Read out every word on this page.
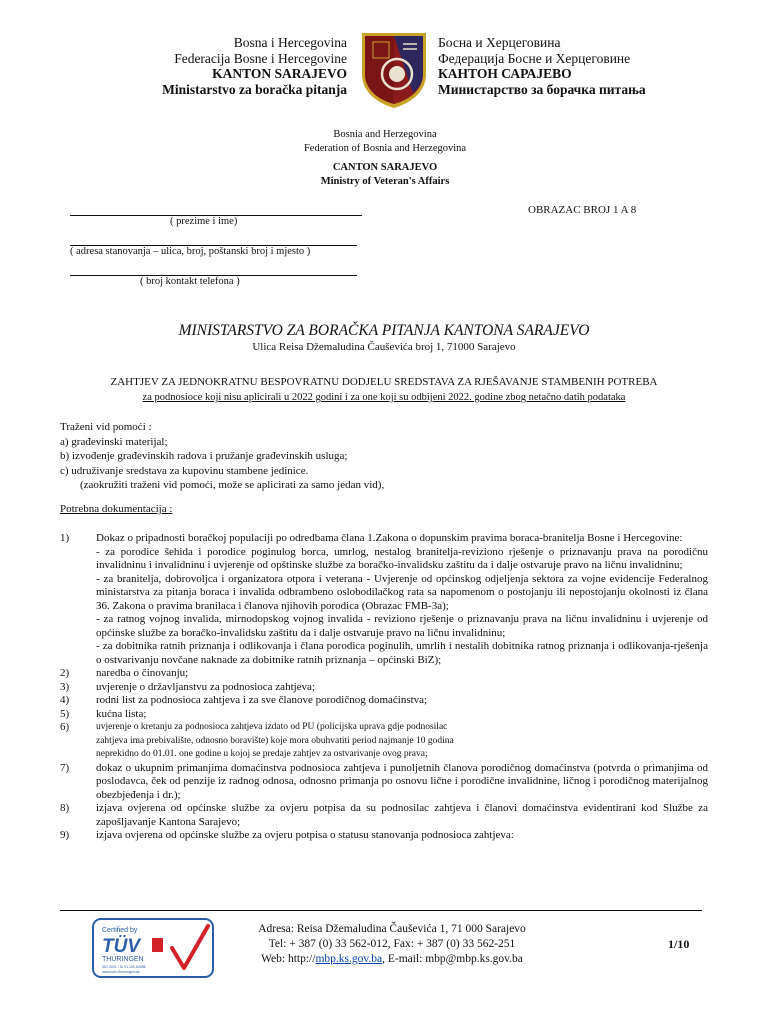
Bosna i Hercegovina
Federacija Bosne i Hercegovine
KANTON SARAJEVO
Ministarstvo za boračka pitanja
Босна и Херцеговина
Федерација Босне и Херцеговине
КАНТОН САРАЈЕВО
Министарство за борачка питања
Bosnia and Herzegovina
Federation of Bosnia and Herzegovina
CANTON SARAJEVO
Ministry of Veteran's Affairs
( prezime i ime)
OBRAZAC BROJ 1 A 8
( adresa stanovanja – ulica, broj, poštanski broj i mjesto )
( broj kontakt telefona )
MINISTARSTVO ZA BORAČKA PITANJA KANTONA SARAJEVO
Ulica Reisa Džemaludina Čauševića broj 1, 71000 Sarajevo
ZAHTJEV ZA JEDNOKRATNU BESPOVRATNU DODJELU SREDSTAVA ZA RJEŠAVANJE STAMBENIH POTREBA
za podnosioce koji nisu aplicirali u 2022 godini i za one koji su odbijeni 2022. godine zbog netačno datih podataka
Traženi vid pomoći :
a) građevinski materijal;
b) izvođenje građevinskih radova i pružanje građevinskih usluga;
c) udruživanje sredstava za kupovinu stambene jedinice.
(zaokružiti traženi vid pomoći, može se aplicirati za samo jedan vid),
Potrebna dokumentacija :
1)	Dokaz o pripadnosti boračkoj populaciji po odredbama člana 1.Zakona o dopunskim pravima boraca-branitelja Bosne i Hercegovine:
- za porodice šehida i porodice poginulog borca, umrlog, nestalog branitelja-revizionо rješenje o priznavanju prava na porodičnu invalidninu i invalidninu i uvjerenje od opštinske službe za boračko-invalidsku zaštitu da i dalje ostvaruje pravo na ličnu invalidninu;
- za branitelja, dobrovoljca i organizatora otpora i veterana - Uvjerenje od općinskog odjeljenja sektora za vojne evidencije Federalnog ministarstva za pitanja boraca i invalida odbrambeno oslobodilačkog rata sa napomenom o postojanju ili nepostojanju okolnosti iz člana 36. Zakona o pravima branilaca i članova njihovih porodica (Obrazac FMB-3a);
- za ratnog vojnog invalida, mirnodopskog vojnog invalida - revizionо rješenje o priznavanju prava na ličnu invalidninu i uvjerenje od općinske službe za boračko-invalidsku zaštitu da i dalje ostvaruje pravo na ličnu invalidninu;
- za dobitnika ratnih priznanja i odlikovanja i člana porodica poginulih, umrlih i nestalih dobitnika ratnog priznanja i odlikovanja-rješenja o ostvarivanju novčane naknade za dobitnike ratnih priznanja – općinski BiZ);
2)	naredba o činovanju;
3)	uvjerenje o državljanstvu za podnosioca zahtjeva;
4)	rodni list za podnosioca zahtjeva i za sve članove porodičnog domaćinstva;
5)	kućna lista;
6)	uvjerenje o kretanju za podnosioca zahtjeva izdato od PU (policijska uprava gdje podnosilac
zahtjeva ima prebivalište, odnosno boravište) koje mora obuhvatiti period najmanje 10 godina
neprekidno do 01.01. one godine u kojoj se predaje zahtjev za ostvarivanje ovog prava;
7)	dokaz o ukupnim primanjima domaćinstva podnosioca zahtjeva i punoljetnih članova porodičnog domaćinstva (potvrda o primanjima od poslodavca, ček od penzije iz radnog odnosa, odnosno primanja po osnovu lične i porodične invalidnine, ličnog i porodičnog materijalnog obezbjeđenja i dr.);
8)	izjava ovjerena od općinske službe za ovjeru potpisa da su podnosilac zahtjeva i članovi domaćinstva evidentirani kod Službe za zapošljavanje Kantona Sarajevo;
9)	izjava ovjerena od općinske službe za ovjeru potpisa o statusu stanovanja podnosioca zahtjeva:
Certified by
TÜV
THÜRINGEN
ISO 9001 / ID 91.100.64086
www.tuev-thueringen.de
Adresa: Reisa Džemaludina Čauševića 1, 71 000 Sarajevo
Tel: + 387 (0) 33 562-012, Fax: + 387 (0) 33 562-251
Web: http://mbp.ks.gov.ba, E-mail: mbp@mbp.ks.gov.ba
1/10
